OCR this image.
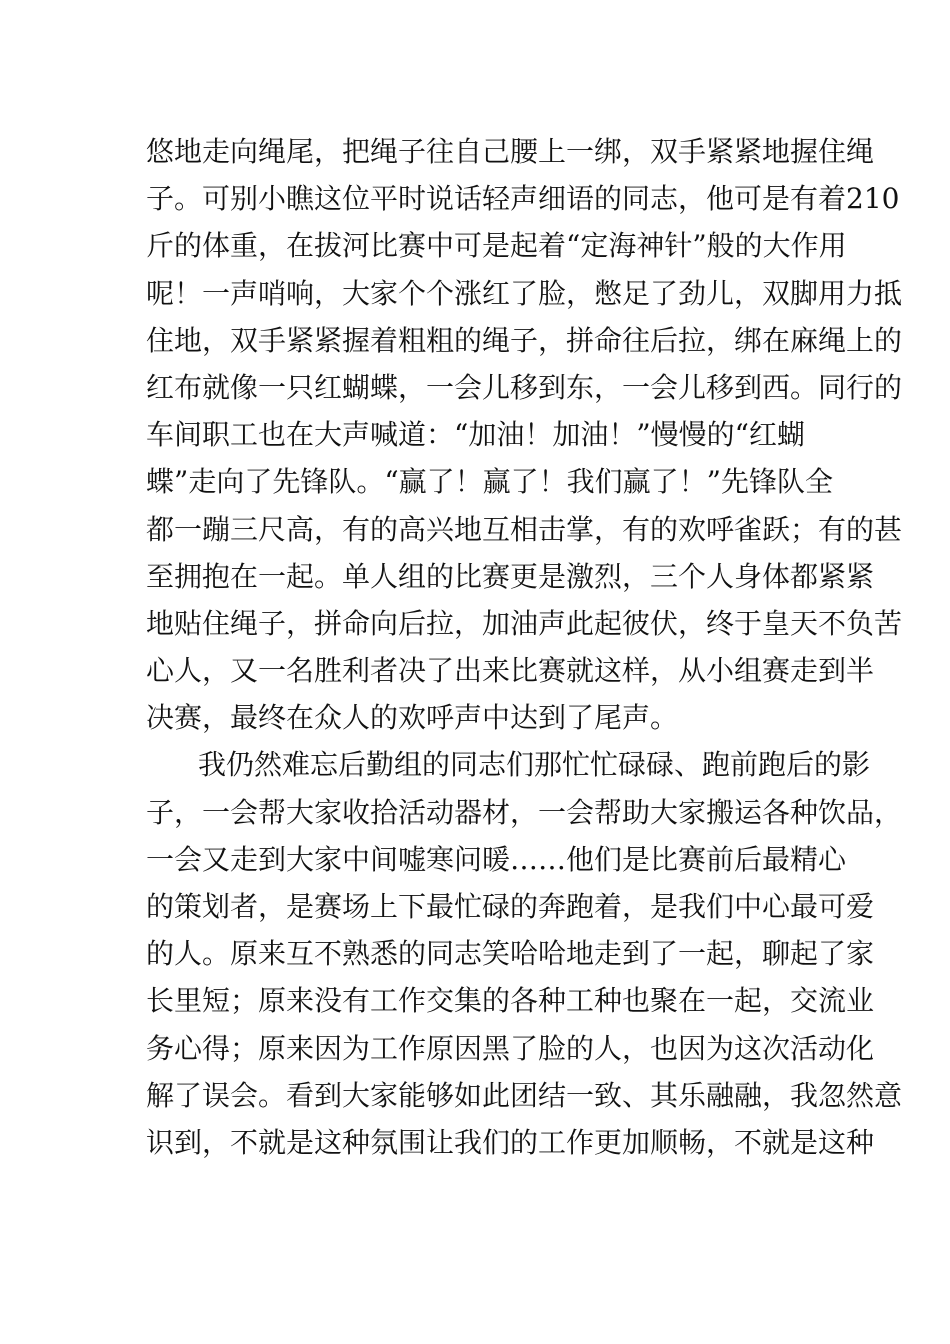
悠地走向绳尾，把绳子往自己腰上一绑，双手紧紧地握住绳
子。可别小瞧这位平时说话轻声细语的同志，他可是有着210
斤的体重，在拔河比赛中可是起着“定海神针”般的大作用
呢！一声哨响，大家个个涨红了脸，憋足了劲儿，双脚用力抵
住地，双手紧紧握着粗粗的绳子，拼命往后拉，绑在麻绳上的
红布就像一只红蝴蝶，一会儿移到东，一会儿移到西。同行的
车间职工也在大声喊道：“加油！加油！”慢慢的“红蝴
蝶”走向了先锋队。“赢了！赢了！我们赢了！”先锋队全
都一蹦三尺高，有的高兴地互相击掌，有的欢呼雀跃；有的甚
至拥抱在一起。单人组的比赛更是激烈，三个人身体都紧紧
地贴住绳子，拼命向后拉，加油声此起彼伏，终于皇天不负苦
心人，又一名胜利者决了出来比赛就这样，从小组赛走到半
决赛，最终在众人的欢呼声中达到了尾声。
我仍然难忘后勤组的同志们那忙忙碌碌、跑前跑后的影
子，一会帮大家收拾活动器材，一会帮助大家搬运各种饮品，
一会又走到大家中间嘘寒问暖……他们是比赛前后最精心
的策划者，是赛场上下最忙碌的奔跑着，是我们中心最可爱
的人。原来互不熟悉的同志笑哈哈地走到了一起，聊起了家
长里短；原来没有工作交集的各种工种也聚在一起，交流业
务心得；原来因为工作原因黑了脸的人，也因为这次活动化
解了误会。看到大家能够如此团结一致、其乐融融，我忽然意
识到，不就是这种氛围让我们的工作更加顺畅，不就是这种
